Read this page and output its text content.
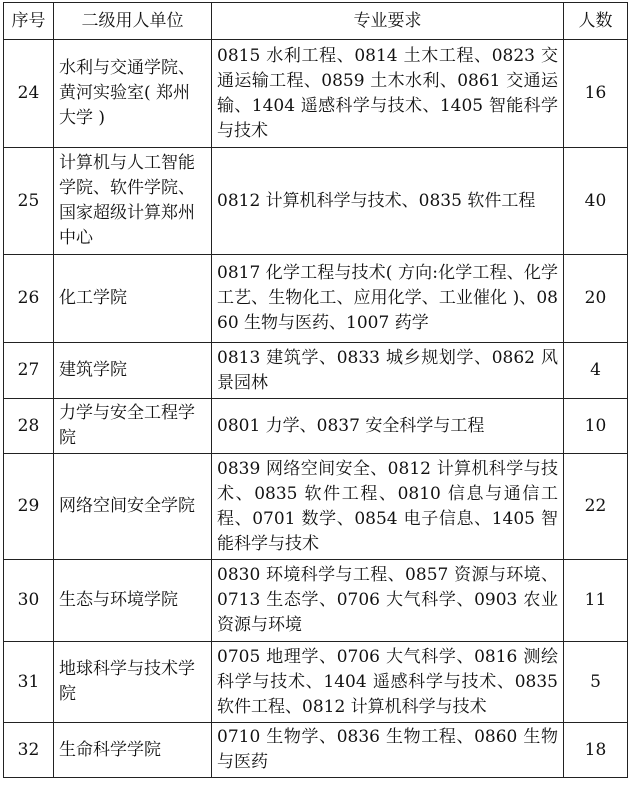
序号	二级用人单位	专业要求	人数
24	水利与交通学院、黄河实验室( 郑州大学 )	0815 水利工程、0814 土木工程、0823 交通运输工程、0859 土木水利、0861 交通运输、1404 遥感科学与技术、1405 智能科学与技术	16
25	计算机与人工智能学院、软件学院、国家超级计算郑州中心	0812 计算机科学与技术、0835 软件工程	40
26	化工学院	0817 化学工程与技术( 方向:化学工程、化学工艺、生物化工、应用化学、工业催化 )、0860 生物与医药、1007 药学	20
27	建筑学院	0813 建筑学、0833 城乡规划学、0862 风景园林	4
28	力学与安全工程学院	0801 力学、0837 安全科学与工程	10
29	网络空间安全学院	0839 网络空间安全、0812 计算机科学与技术、0835 软件工程、0810 信息与通信工程、0701 数学、0854 电子信息、1405 智能科学与技术	22
30	生态与环境学院	0830 环境科学与工程、0857 资源与环境、0713 生态学、0706 大气科学、0903 农业资源与环境	11
31	地球科学与技术学院	0705 地理学、0706 大气科学、0816 测绘科学与技术、1404 遥感科学与技术、0835 软件工程、0812 计算机科学与技术	5
32	生命科学学院	0710 生物学、0836 生物工程、0860 生物与医药	18
